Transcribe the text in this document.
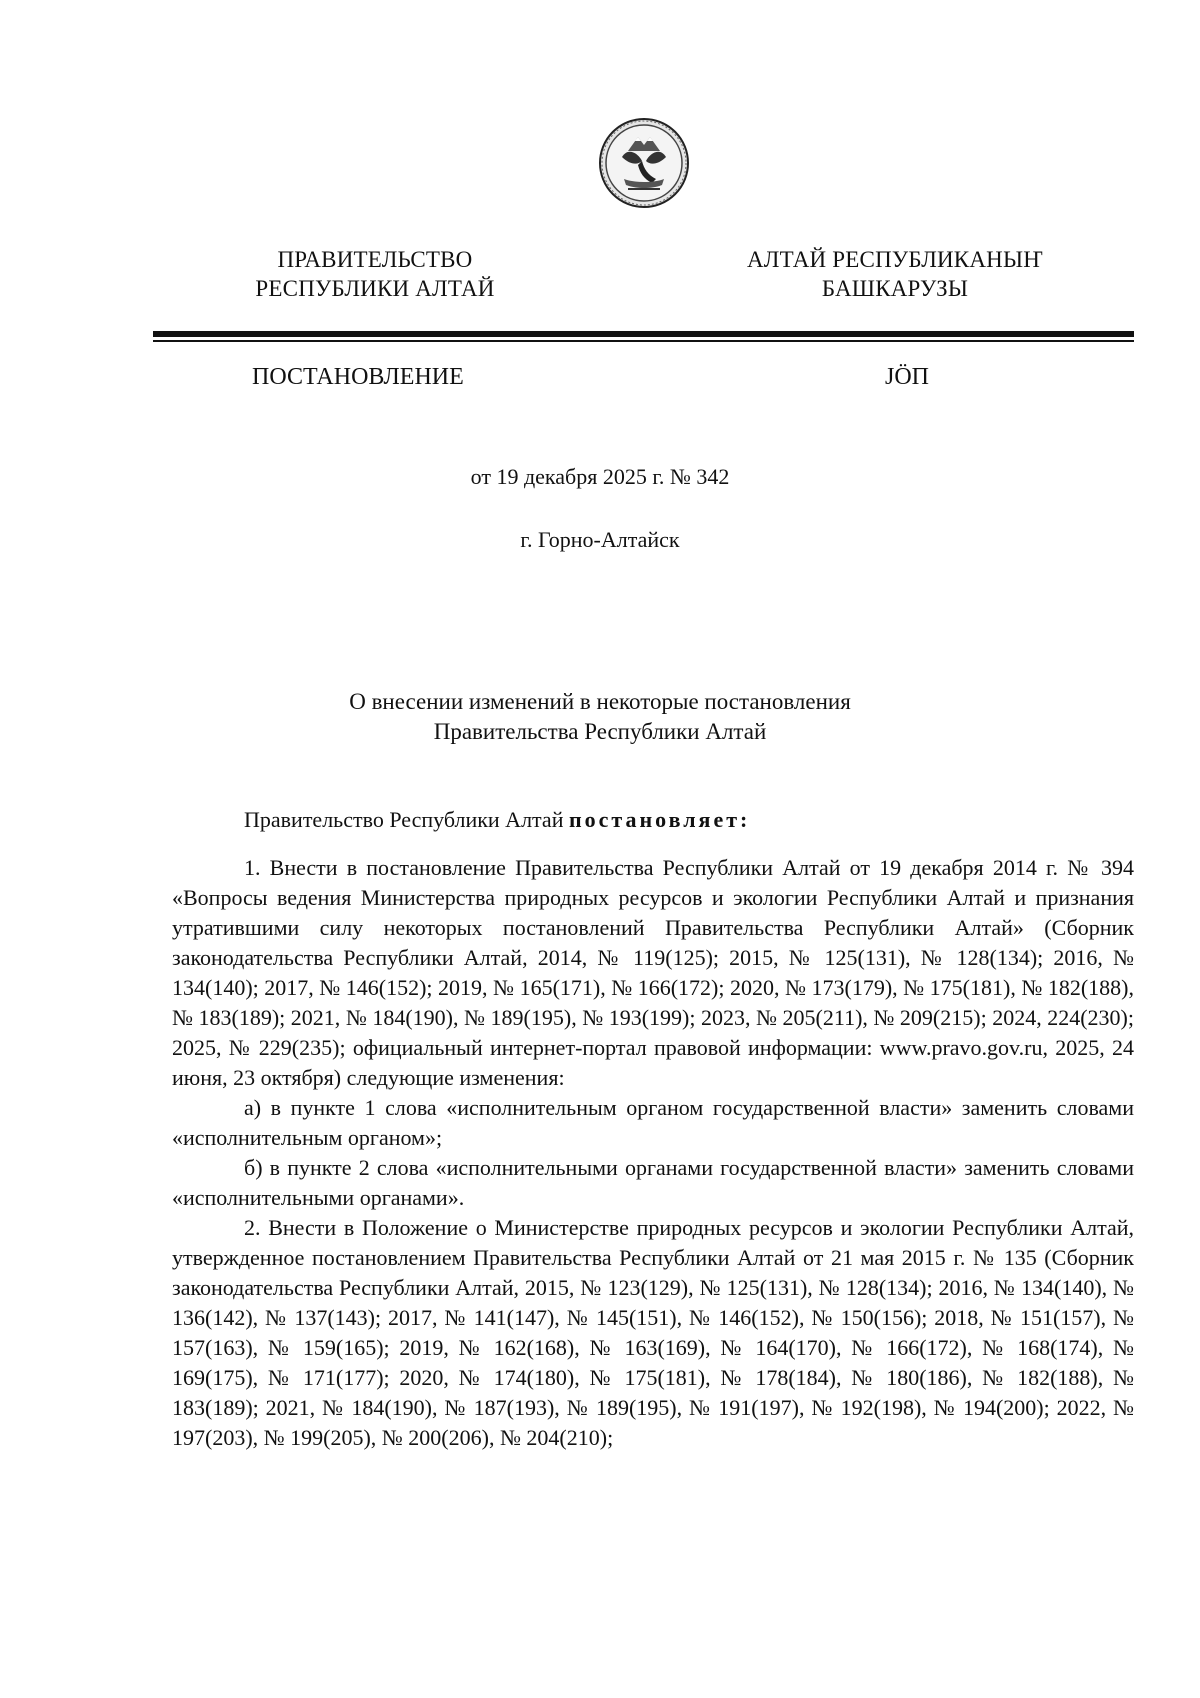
ПРАВИТЕЛЬСТВО
РЕСПУБЛИКИ АЛТАЙ
АЛТАЙ РЕСПУБЛИКАНЫҤ
БАШКАРУЗЫ
ПОСТАНОВЛЕНИЕ	JӦП
от 19 декабря 2025 г. № 342
г. Горно-Алтайск
О внесении изменений в некоторые постановления
Правительства Республики Алтай

Правительство Республики Алтай постановляет:

1. Внести в постановление Правительства Республики Алтай от 19 декабря 2014 г. № 394 «Вопросы ведения Министерства природных ресурсов и экологии Республики Алтай и признания утратившими силу некоторых постановлений Правительства Республики Алтай» (Сборник законодательства Республики Алтай, 2014, № 119(125); 2015, № 125(131), № 128(134); 2016, № 134(140); 2017, № 146(152); 2019, № 165(171), № 166(172); 2020, № 173(179), № 175(181), № 182(188), № 183(189); 2021, № 184(190), № 189(195), № 193(199); 2023, № 205(211), № 209(215); 2024, 224(230); 2025, № 229(235); официальный интернет-портал правовой информации: www.pravo.gov.ru, 2025, 24 июня, 23 октября) следующие изменения:

а) в пункте 1 слова «исполнительным органом государственной власти» заменить словами «исполнительным органом»;

б) в пункте 2 слова «исполнительными органами государственной власти» заменить словами «исполнительными органами».

2. Внести в Положение о Министерстве природных ресурсов и экологии Республики Алтай, утвержденное постановлением Правительства Республики Алтай от 21 мая 2015 г. № 135 (Сборник законодательства Республики Алтай, 2015, № 123(129), № 125(131), № 128(134); 2016, № 134(140), № 136(142), № 137(143); 2017, № 141(147), № 145(151), № 146(152), № 150(156); 2018, № 151(157), № 157(163), № 159(165); 2019, № 162(168), № 163(169), № 164(170), № 166(172), № 168(174), № 169(175), № 171(177); 2020, № 174(180), № 175(181), № 178(184), № 180(186), № 182(188), № 183(189); 2021, № 184(190), № 187(193), № 189(195), № 191(197), № 192(198), № 194(200); 2022, № 197(203), № 199(205), № 200(206), № 204(210);
